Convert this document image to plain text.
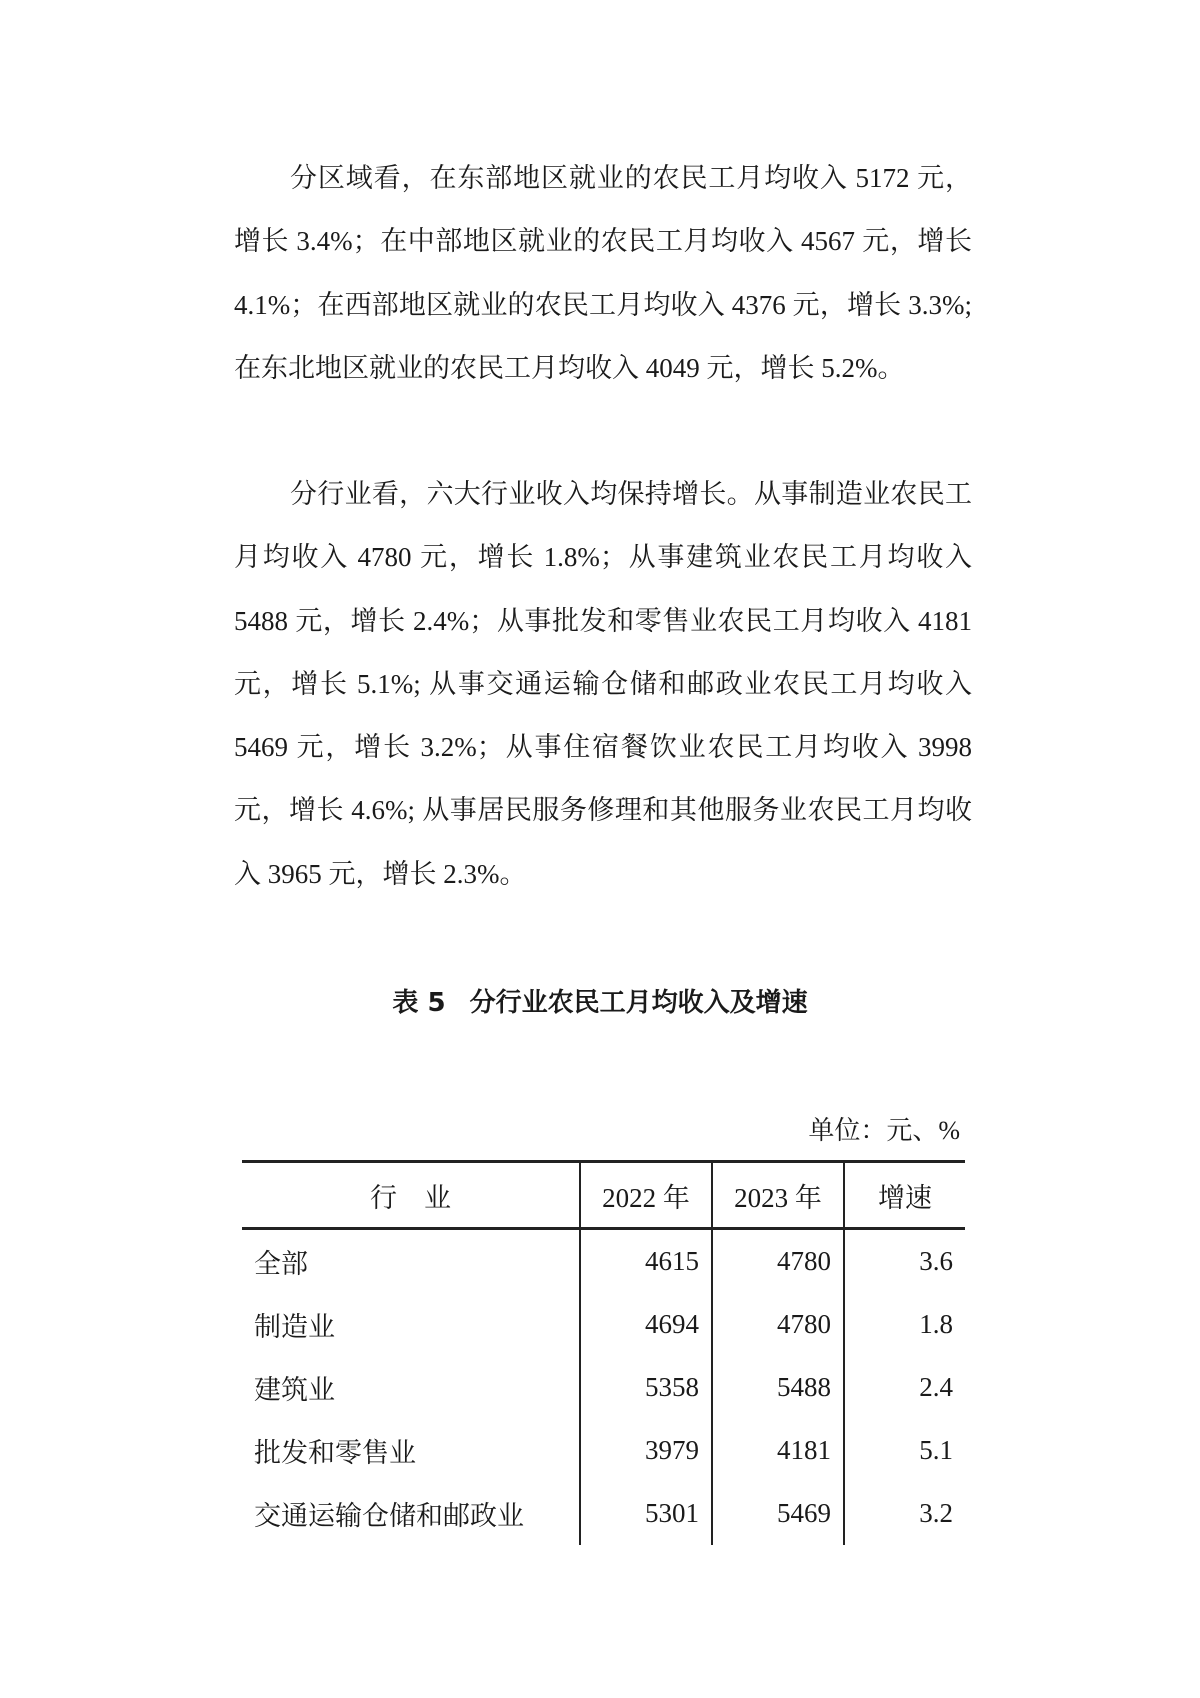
分区域看，在东部地区就业的农民工月均收入 5172 元，增长 3.4%；在中部地区就业的农民工月均收入 4567 元，增长 4.1%；在西部地区就业的农民工月均收入 4376 元，增长 3.3%; 在东北地区就业的农民工月均收入 4049 元，增长 5.2%。

分行业看，六大行业收入均保持增长。从事制造业农民工月均收入 4780 元，增长 1.8%；从事建筑业农民工月均收入 5488 元，增长 2.4%；从事批发和零售业农民工月均收入 4181 元，增长 5.1%; 从事交通运输仓储和邮政业农民工月均收入 5469 元，增长 3.2%；从事住宿餐饮业农民工月均收入 3998 元，增长 4.6%; 从事居民服务修理和其他服务业农民工月均收入 3965 元，增长 2.3%。

表 5 分行业农民工月均收入及增速
单位：元、%
行　业	2022 年	2023 年	增速
全部	4615	4780	3.6
制造业	4694	4780	1.8
建筑业	5358	5488	2.4
批发和零售业	3979	4181	5.1
交通运输仓储和邮政业	5301	5469	3.2
